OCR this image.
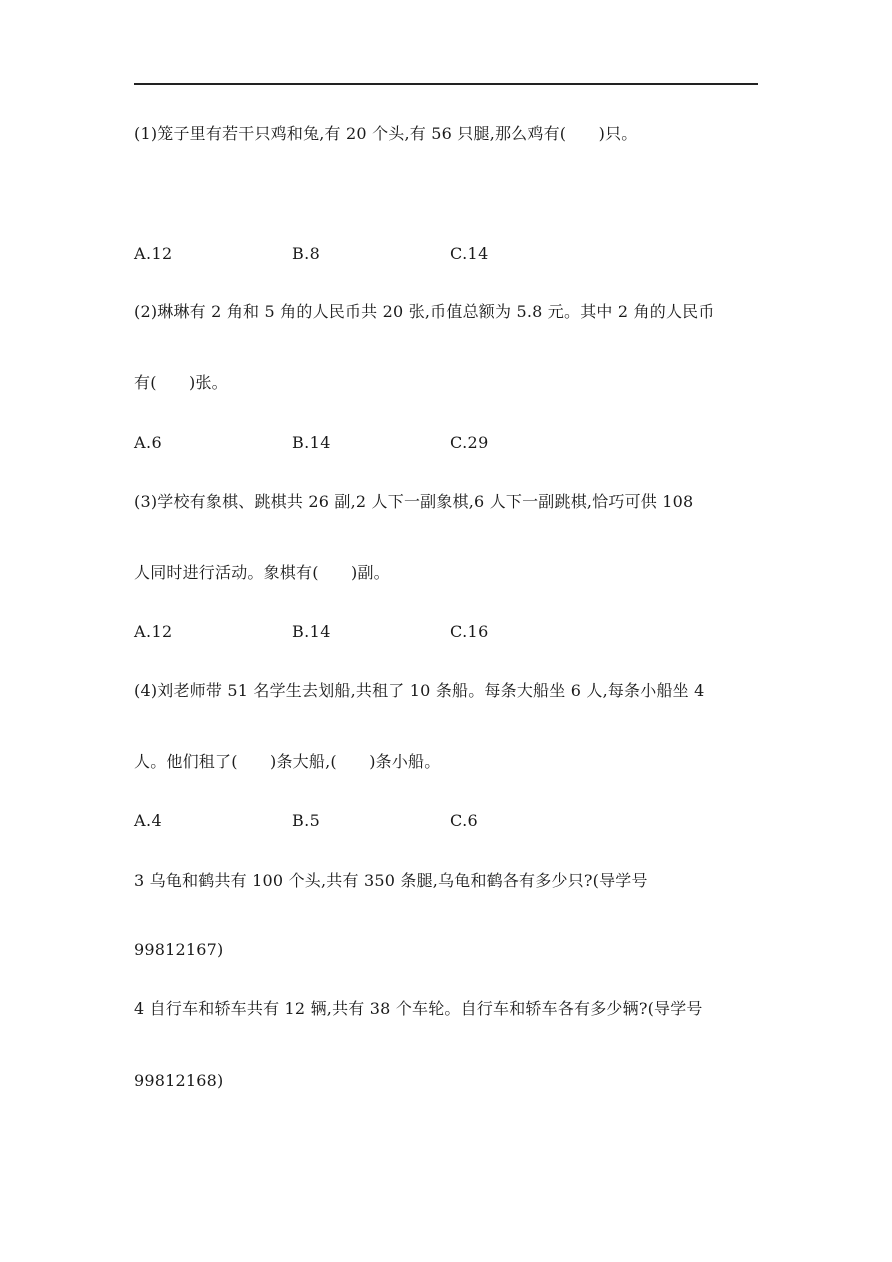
(1)笼子里有若干只鸡和兔,有 20 个头,有 56 只腿,那么鸡有(　　)只。
A.12	B.8	C.14
(2)琳琳有 2 角和 5 角的人民币共 20 张,币值总额为 5.8 元。其中 2 角的人民币
有(　　)张。
A.6	B.14	C.29
(3)学校有象棋、跳棋共 26 副,2 人下一副象棋,6 人下一副跳棋,恰巧可供 108
人同时进行活动。象棋有(　　)副。
A.12	B.14	C.16
(4)刘老师带 51 名学生去划船,共租了 10 条船。每条大船坐 6 人,每条小船坐 4
人。他们租了(　　)条大船,(　　)条小船。
A.4	B.5	C.6
3 乌龟和鹤共有 100 个头,共有 350 条腿,乌龟和鹤各有多少只?(导学号
99812167)
4 自行车和轿车共有 12 辆,共有 38 个车轮。自行车和轿车各有多少辆?(导学号
99812168)
